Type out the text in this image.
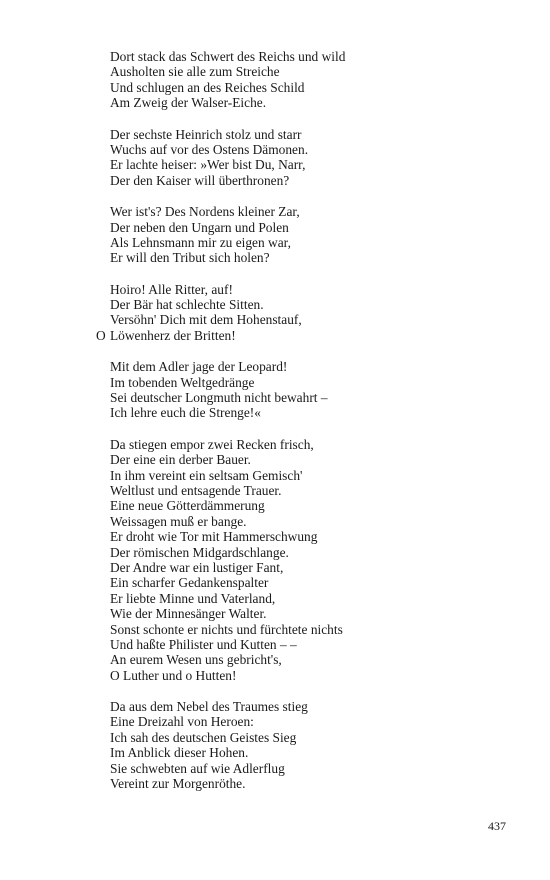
Dort stack das Schwert des Reichs und wild
Ausholten sie alle zum Streiche
Und schlugen an des Reiches Schild
Am Zweig der Walser-Eiche.
Der sechste Heinrich stolz und starr
Wuchs auf vor des Ostens Dämonen.
Er lachte heiser: »Wer bist Du, Narr,
Der den Kaiser will überthronen?
Wer ist's? Des Nordens kleiner Zar,
Der neben den Ungarn und Polen
Als Lehnsmann mir zu eigen war,
Er will den Tribut sich holen?
Hoiro! Alle Ritter, auf!
Der Bär hat schlechte Sitten.
Versöhn' Dich mit dem Hohenstauf,
O Löwenherz der Britten!
Mit dem Adler jage der Leopard!
Im tobenden Weltgedränge
Sei deutscher Longmuth nicht bewahrt –
Ich lehre euch die Strenge!«
Da stiegen empor zwei Recken frisch,
Der eine ein derber Bauer.
In ihm vereint ein seltsam Gemisch'
Weltlust und entsagende Trauer.
Eine neue Götterdämmerung
Weissagen muß er bange.
Er droht wie Tor mit Hammerschwung
Der römischen Midgardschlange.
Der Andre war ein lustiger Fant,
Ein scharfer Gedankenspalter
Er liebte Minne und Vaterland,
Wie der Minnesänger Walter.
Sonst schonte er nichts und fürchtete nichts
Und haßte Philister und Kutten – –
An eurem Wesen uns gebricht's,
O Luther und o Hutten!
Da aus dem Nebel des Traumes stieg
Eine Dreizahl von Heroen:
Ich sah des deutschen Geistes Sieg
Im Anblick dieser Hohen.
Sie schwebten auf wie Adlerflug
Vereint zur Morgenröthe.
437
